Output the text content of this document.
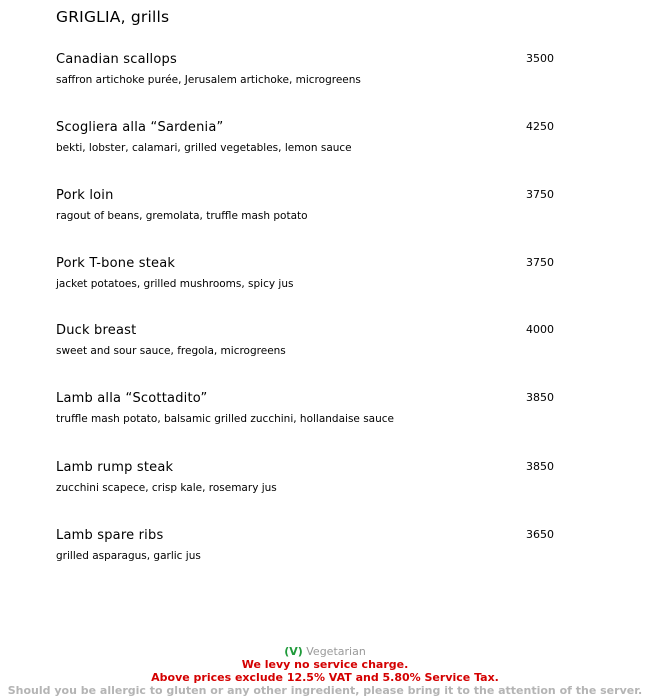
GRIGLIA, grills
Canadian scallops	3500
saffron artichoke purée, Jerusalem artichoke, microgreens
Scogliera alla “Sardenia”	4250
bekti, lobster, calamari, grilled vegetables, lemon sauce
Pork loin	3750
ragout of beans, gremolata, truffle mash potato
Pork T-bone steak	3750
jacket potatoes, grilled mushrooms, spicy jus
Duck breast	4000
sweet and sour sauce, fregola, microgreens
Lamb alla “Scottadito”	3850
truffle mash potato, balsamic grilled zucchini, hollandaise sauce
Lamb rump steak	3850
zucchini scapece, crisp kale, rosemary jus
Lamb spare ribs	3650
grilled asparagus, garlic jus
(V) Vegetarian
We levy no service charge.
Above prices exclude 12.5% VAT and 5.80% Service Tax.
Should you be allergic to gluten or any other ingredient, please bring it to the attention of the server.
